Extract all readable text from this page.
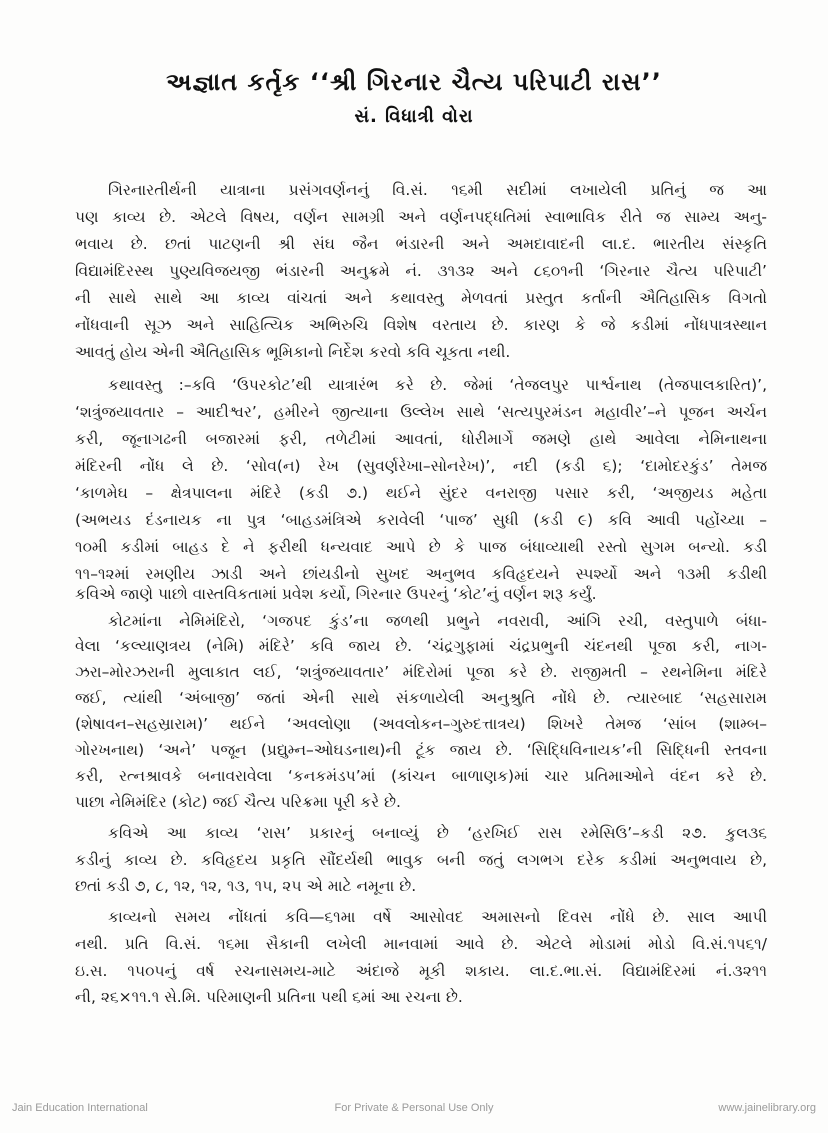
અજ્ઞાત કર્તૃક ‘‘શ્રી ગિરનાર ચૈત્ય પરિપાટી રાસ’’
સં. વિધાત્રી વોરા
ગિરનારતીર્થની યાત્રાના પ્રસંગવર્ણનનું વિ.સં. ૧૬મી સદીમાં લખાયેલી પ્રતિનું જ આ
પણ કાવ્ય છે. એટલે વિષય, વર્ણન સામગ્રી અને વર્ણનપદ્ધતિમાં સ્વાભાવિક રીતે જ સામ્ય અનુ-
ભવાય છે. છતાં પાટણની શ્રી સંઘ જૈન ભંડારની અને અમદાવાદની લા.દ. ભારતીય સંસ્કૃતિ
વિદ્યામંદિરસ્થ પુણ્યવિજયજી ભંડારની અનુક્રમે નં. ૩૧૩૨ અને ૮૬૦૧ની ‘ગિરનાર ચૈત્ય પરિપાટી’
ની સાથે સાથે આ કાવ્ય વાંચતાં અને કથાવસ્તુ મેળવતાં પ્રસ્તુત કર્તાની ઐતિહાસિક વિગતો
નોંધવાની સૂઝ અને સાહિત્યિક અભિરુચિ વિશેષ વરતાય છે. કારણ કે જે કડીમાં નોંધપાત્રસ્થાન
આવતું હોય એની ઐતિહાસિક ભૂમિકાનો નિર્દેશ કરવો કવિ ચૂકતા નથી.
કથાવસ્તુ :–કવિ ‘ઉપરકોટ’થી યાત્રારંભ કરે છે. જેમાં ‘તેજલપુર પાર્શ્વનાથ (તેજપાલકારિત)’,
‘શત્રુંજયાવતાર – આદીશ્વર’, હમીરને જીત્યાના ઉલ્લેખ સાથે ‘સત્યપુરમંડન મહાવીર’–ને પૂજન અર્ચન
કરી, જૂનાગઢની બજારમાં ફરી, તળેટીમાં આવતાં, ધોરીમાર્ગે જમણે હાથે આવેલા નેમિનાથના
મંદિરની નોંધ લે છે. ‘સોવ(ન) રેખ (સુવર્ણરેખા–સોનરેખ)’, નદી (કડી ૬); ‘દામોદરકુંડ’ તેમજ
‘કાળમેઘ – ક્ષેત્રપાલના મંદિરે (કડી ૭.) થઈને સુંદર વનરાજી પસાર કરી, ‘અજીયડ મહેતા
(અભયડ દંડનાયક ના પુત્ર ‘બાહડમંત્રિએ કરાવેલી ‘પાજ’ સુધી (કડી ૯) કવિ આવી પહોંચ્યા –
૧૦મી કડીમાં બાહડ દે ને ફરીથી ધન્યવાદ આપે છે કે પાજ બંધાવ્યાથી રસ્તો સુગમ બન્યો. કડી
૧૧–૧૨માં રમણીય ઝાડી અને છાંયડીનો સુખદ અનુભવ કવિહૃદયને સ્પર્શ્યો અને ૧૩મી કડીથી
કવિએ જાણે પાછો વાસ્તવિકતામાં પ્રવેશ કર્યો, ગિરનાર ઉપરનું ‘કોટ’નું વર્ણન શરૂ કર્યું.
કોટમાંના નેમિમંદિરો, ‘ગજપદ કુંડ’ના જળથી પ્રભુને નવરાવી, આંગિ રચી, વસ્તુપાળે બંધા-
વેલા ‘કલ્યાણત્રય (નેમિ) મંદિરે’ કવિ જાય છે. ‘ચંદ્રગુફામાં ચંદ્રપ્રભુની ચંદનથી પૂજા કરી, નાગ-
ઝરા–મોરઝરાની મુલાકાત લઈ, ‘શત્રુંજયાવતાર’ મંદિરોમાં પૂજા કરે છે. રાજીમતી – રથનેમિના મંદિરે
જઈ, ત્યાંથી ‘અંબાજી’ જતાં એની સાથે સંકળાયેલી અનુશ્રુતિ નોંધે છે. ત્યારબાદ ‘સહસારામ
(શેષાવન–સહસ્રારામ)’ થઈને ‘અવલોણા (અવલોકન–ગુરુદત્તાત્રય) શિખરે તેમજ ‘સાંબ (શામ્બ–
ગોરખનાથ) ‘અને’ પજૂન (પ્રદ્યુમ્ન–ઓઘડનાથ)ની ટૂંક જાય છે. ‘સિદ્ધિવિનાયક’ની સિદ્ધિની સ્તવના
કરી, રત્નશ્રાવકે બનાવરાવેલા ‘કનકમંડપ’માં (કાંચન બાળાણક)માં ચાર પ્રતિમાઓને વંદન કરે છે.
પાછા નેમિમંદિર (કોટ) જઈ ચૈત્ય પરિક્રમા પૂરી કરે છે.
કવિએ આ કાવ્ય ‘રાસ’ પ્રકારનું બનાવ્યું છે ‘હરખિઈ રાસ રમેસિઉ’–કડી ૨૭. કુલ૩૬
કડીનું કાવ્ય છે. કવિહૃદય પ્રકૃતિ સૌંદર્યથી ભાવુક બની જતું લગભગ દરેક કડીમાં અનુભવાય છે,
છતાં કડી ૭, ૮, ૧૨, ૧૨, ૧૩, ૧૫, ૨૫ એ માટે નમૂના છે.
કાવ્યનો સમય નોંધતાં કવિ—૬૧મા વર્ષે આસોવદ અમાસનો દિવસ નોંધે છે. સાલ આપી
નથી. પ્રતિ વિ.સં. ૧૬મા સૈકાની લખેલી માનવામાં આવે છે. એટલે મોડામાં મોડો વિ.સં.૧૫૬૧/
ઇ.સ. ૧૫૦૫નું વર્ષ રચનાસમય-માટે અંદાજે મૂકી શકાય. લા.દ.ભા.સં. વિદ્યામંદિરમાં નં.૩૨૧૧
ની, ૨૬×૧૧.૧ સે.મિ. પરિમાણની પ્રતિના પથી ૬માં આ રચના છે.
Jain Education International	For Private & Personal Use Only	www.jainelibrary.org
